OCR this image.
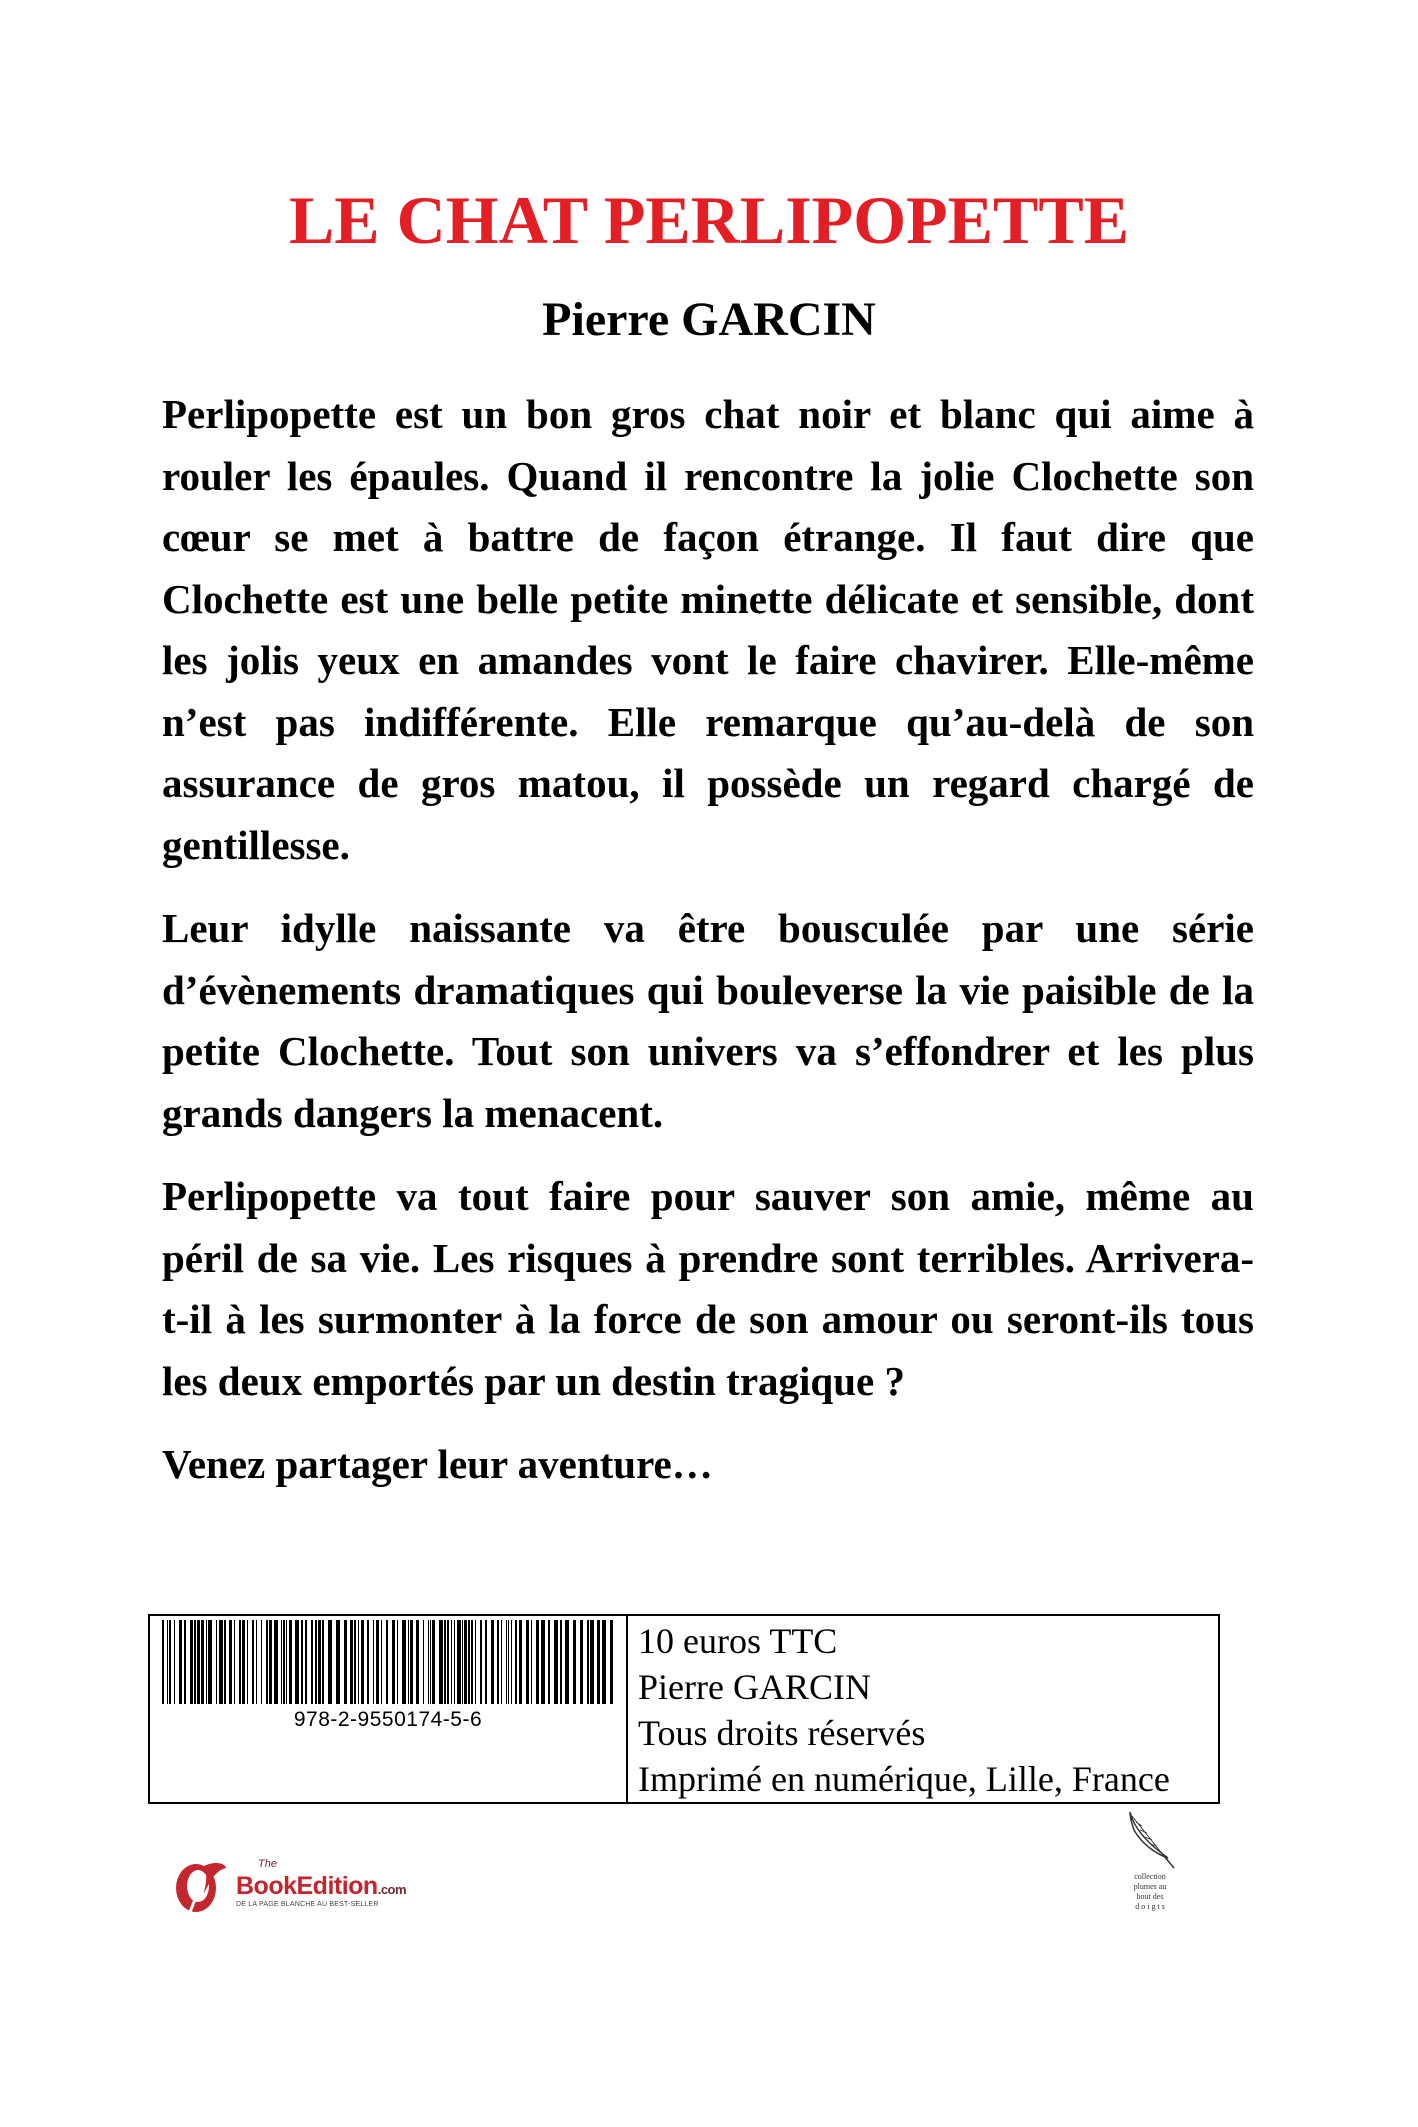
LE CHAT PERLIPOPETTE
Pierre GARCIN

Perlipopette est un bon gros chat noir et blanc qui aime à rouler les épaules. Quand il rencontre la jolie Clochette son cœur se met à battre de façon étrange. Il faut dire que Clochette est une belle petite minette délicate et sensible, dont les jolis yeux en amandes vont le faire chavirer. Elle-même n’est pas indifférente. Elle remarque qu’au-delà de son assurance de gros matou, il possède un regard chargé de gentillesse.

Leur idylle naissante va être bousculée par une série d’évènements dramatiques qui bouleverse la vie paisible de la petite Clochette. Tout son univers va s’effondrer et les plus grands dangers la menacent.

Perlipopette va tout faire pour sauver son amie, même au péril de sa vie. Les risques à prendre sont terribles. Arrivera-t-il à les surmonter à la force de son amour ou seront-ils tous les deux emportés par un destin tragique ?

Venez partager leur aventure…

978-2-9550174-5-6
10 euros TTC
Pierre GARCIN
Tous droits réservés
Imprimé en numérique, Lille, France
The
BookEdition.com
DE LA PAGE BLANCHE AU BEST-SELLER
collection
plumes au
bout des
d o i g t s
